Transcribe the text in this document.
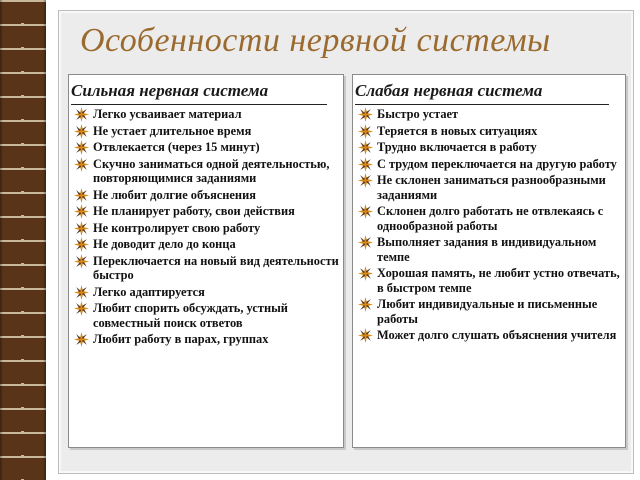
Особенности нервной системы
Сильная нервная система
Легко усваивает материал
Не устает длительное время
Отвлекается (через 15 минут)
Скучно заниматься одной деятельностью, повторяющимися заданиями
Не любит долгие объяснения
Не планирует работу, свои действия
Не контролирует свою работу
Не доводит дело до конца
Переключается на новый вид деятельности быстро
Легко адаптируется
Любит спорить обсуждать, устный совместный поиск ответов
Любит работу в парах, группах
Слабая нервная система
Быстро устает
Теряется в новых ситуациях
Трудно включается в работу
С трудом переключается на другую работу
Не склонен заниматься разнообразными заданиями
Склонен долго работать не отвлекаясь с однообразной работы
Выполняет задания в индивидуальном темпе
Хорошая память, не любит устно отвечать, в быстром темпе
Любит индивидуальные и письменные работы
Может долго слушать объяснения учителя
